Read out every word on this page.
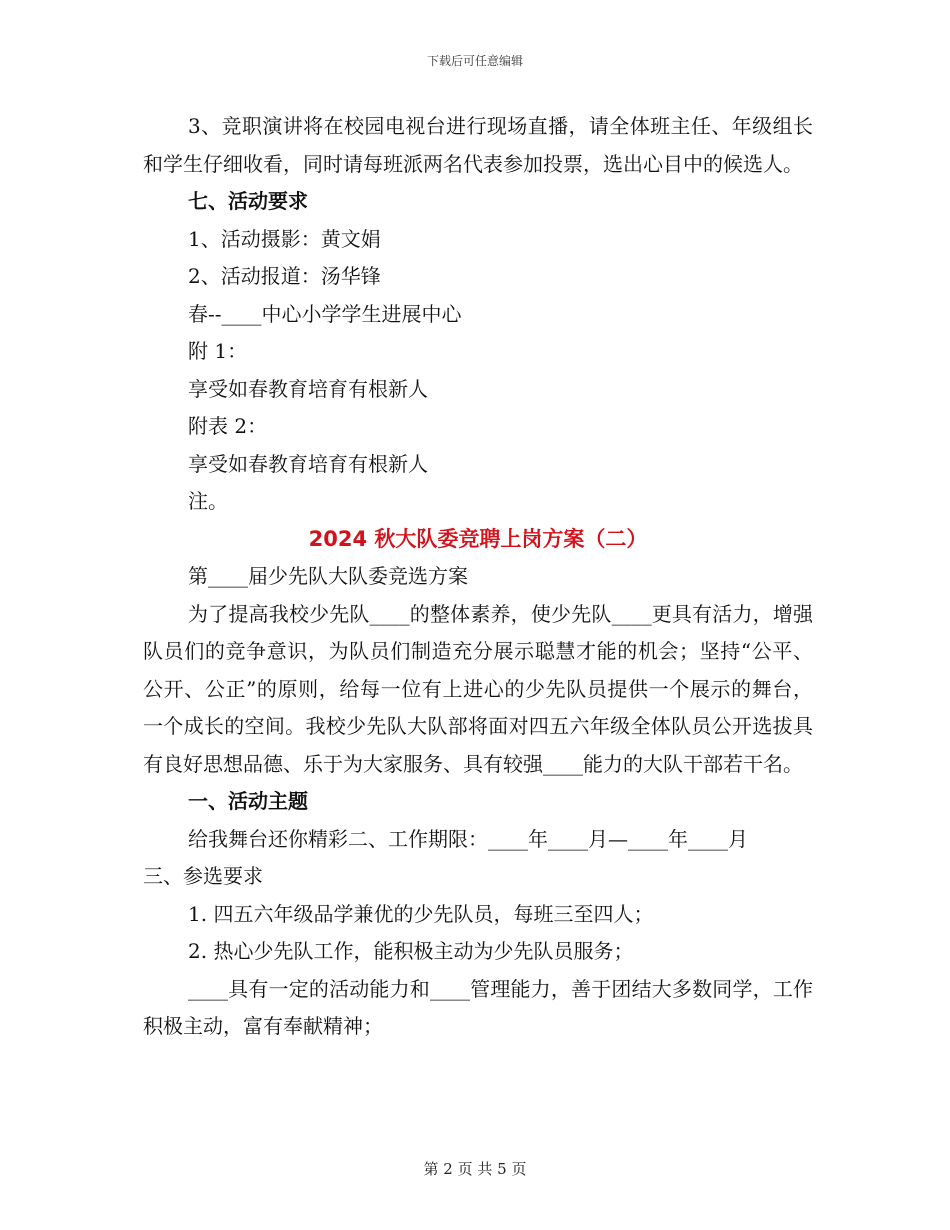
下载后可任意编辑

3、竞职演讲将在校园电视台进行现场直播，请全体班主任、年级组长和学生仔细收看，同时请每班派两名代表参加投票，选出心目中的候选人。

七、活动要求

1、活动摄影：黄文娟

2、活动报道：汤华锋

春--____中心小学学生进展中心

附 1：

享受如春教育培育有根新人

附表 2：

享受如春教育培育有根新人

注。

2024 秋大队委竞聘上岗方案（二）

第____届少先队大队委竞选方案

为了提高我校少先队____的整体素养，使少先队____更具有活力，增强队员们的竞争意识，为队员们制造充分展示聪慧才能的机会；坚持“公平、公开、公正”的原则，给每一位有上进心的少先队员提供一个展示的舞台，一个成长的空间。我校少先队大队部将面对四五六年级全体队员公开选拔具有良好思想品德、乐于为大家服务、具有较强____能力的大队干部若干名。

一、活动主题

给我舞台还你精彩二、工作期限：____年____月—____年____月

三、参选要求

1. 四五六年级品学兼优的少先队员，每班三至四人；

2. 热心少先队工作，能积极主动为少先队员服务；

____具有一定的活动能力和____管理能力，善于团结大多数同学，工作积极主动，富有奉献精神；

第 2 页 共 5 页
